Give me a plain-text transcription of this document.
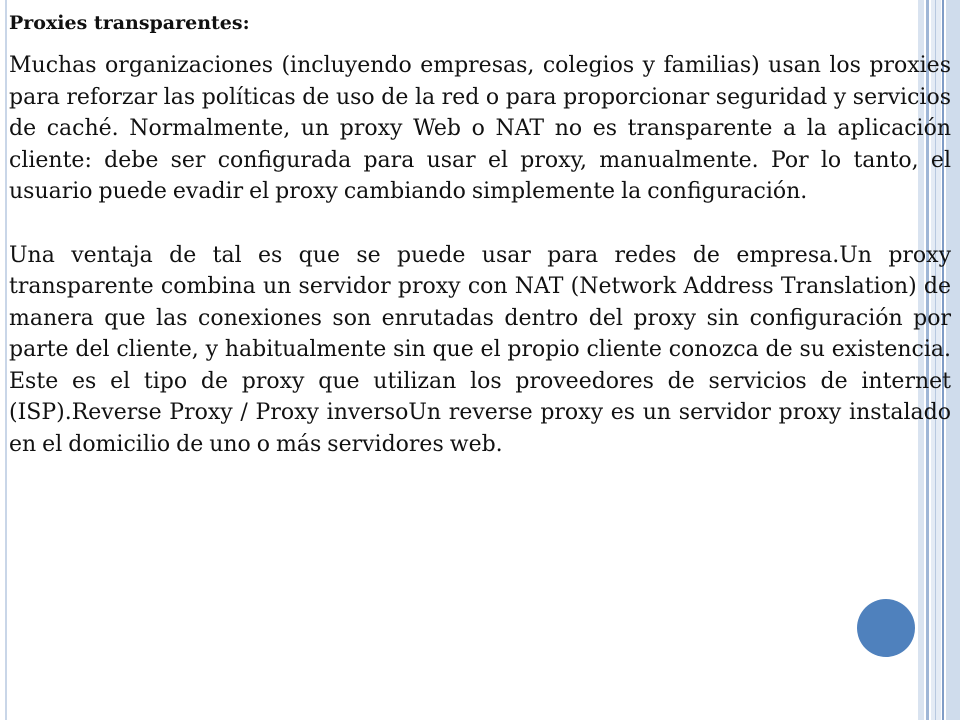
Proxies transparentes:

Muchas organizaciones (incluyendo empresas, colegios y familias) usan los proxies para reforzar las políticas de uso de la red o para proporcionar seguridad y servicios de caché. Normalmente, un proxy Web o NAT no es transparente a la aplicación cliente: debe ser configurada para usar el proxy, manualmente. Por lo tanto, el usuario puede evadir el proxy cambiando simplemente la configuración.

Una ventaja de tal es que se puede usar para redes de empresa.Un proxy transparente combina un servidor proxy con NAT (Network Address Translation) de manera que las conexiones son enrutadas dentro del proxy sin configuración por parte del cliente, y habitualmente sin que el propio cliente conozca de su existencia. Este es el tipo de proxy que utilizan los proveedores de servicios de internet (ISP).Reverse Proxy / Proxy inversoUn reverse proxy es un servidor proxy instalado en el domicilio de uno o más servidores web.
